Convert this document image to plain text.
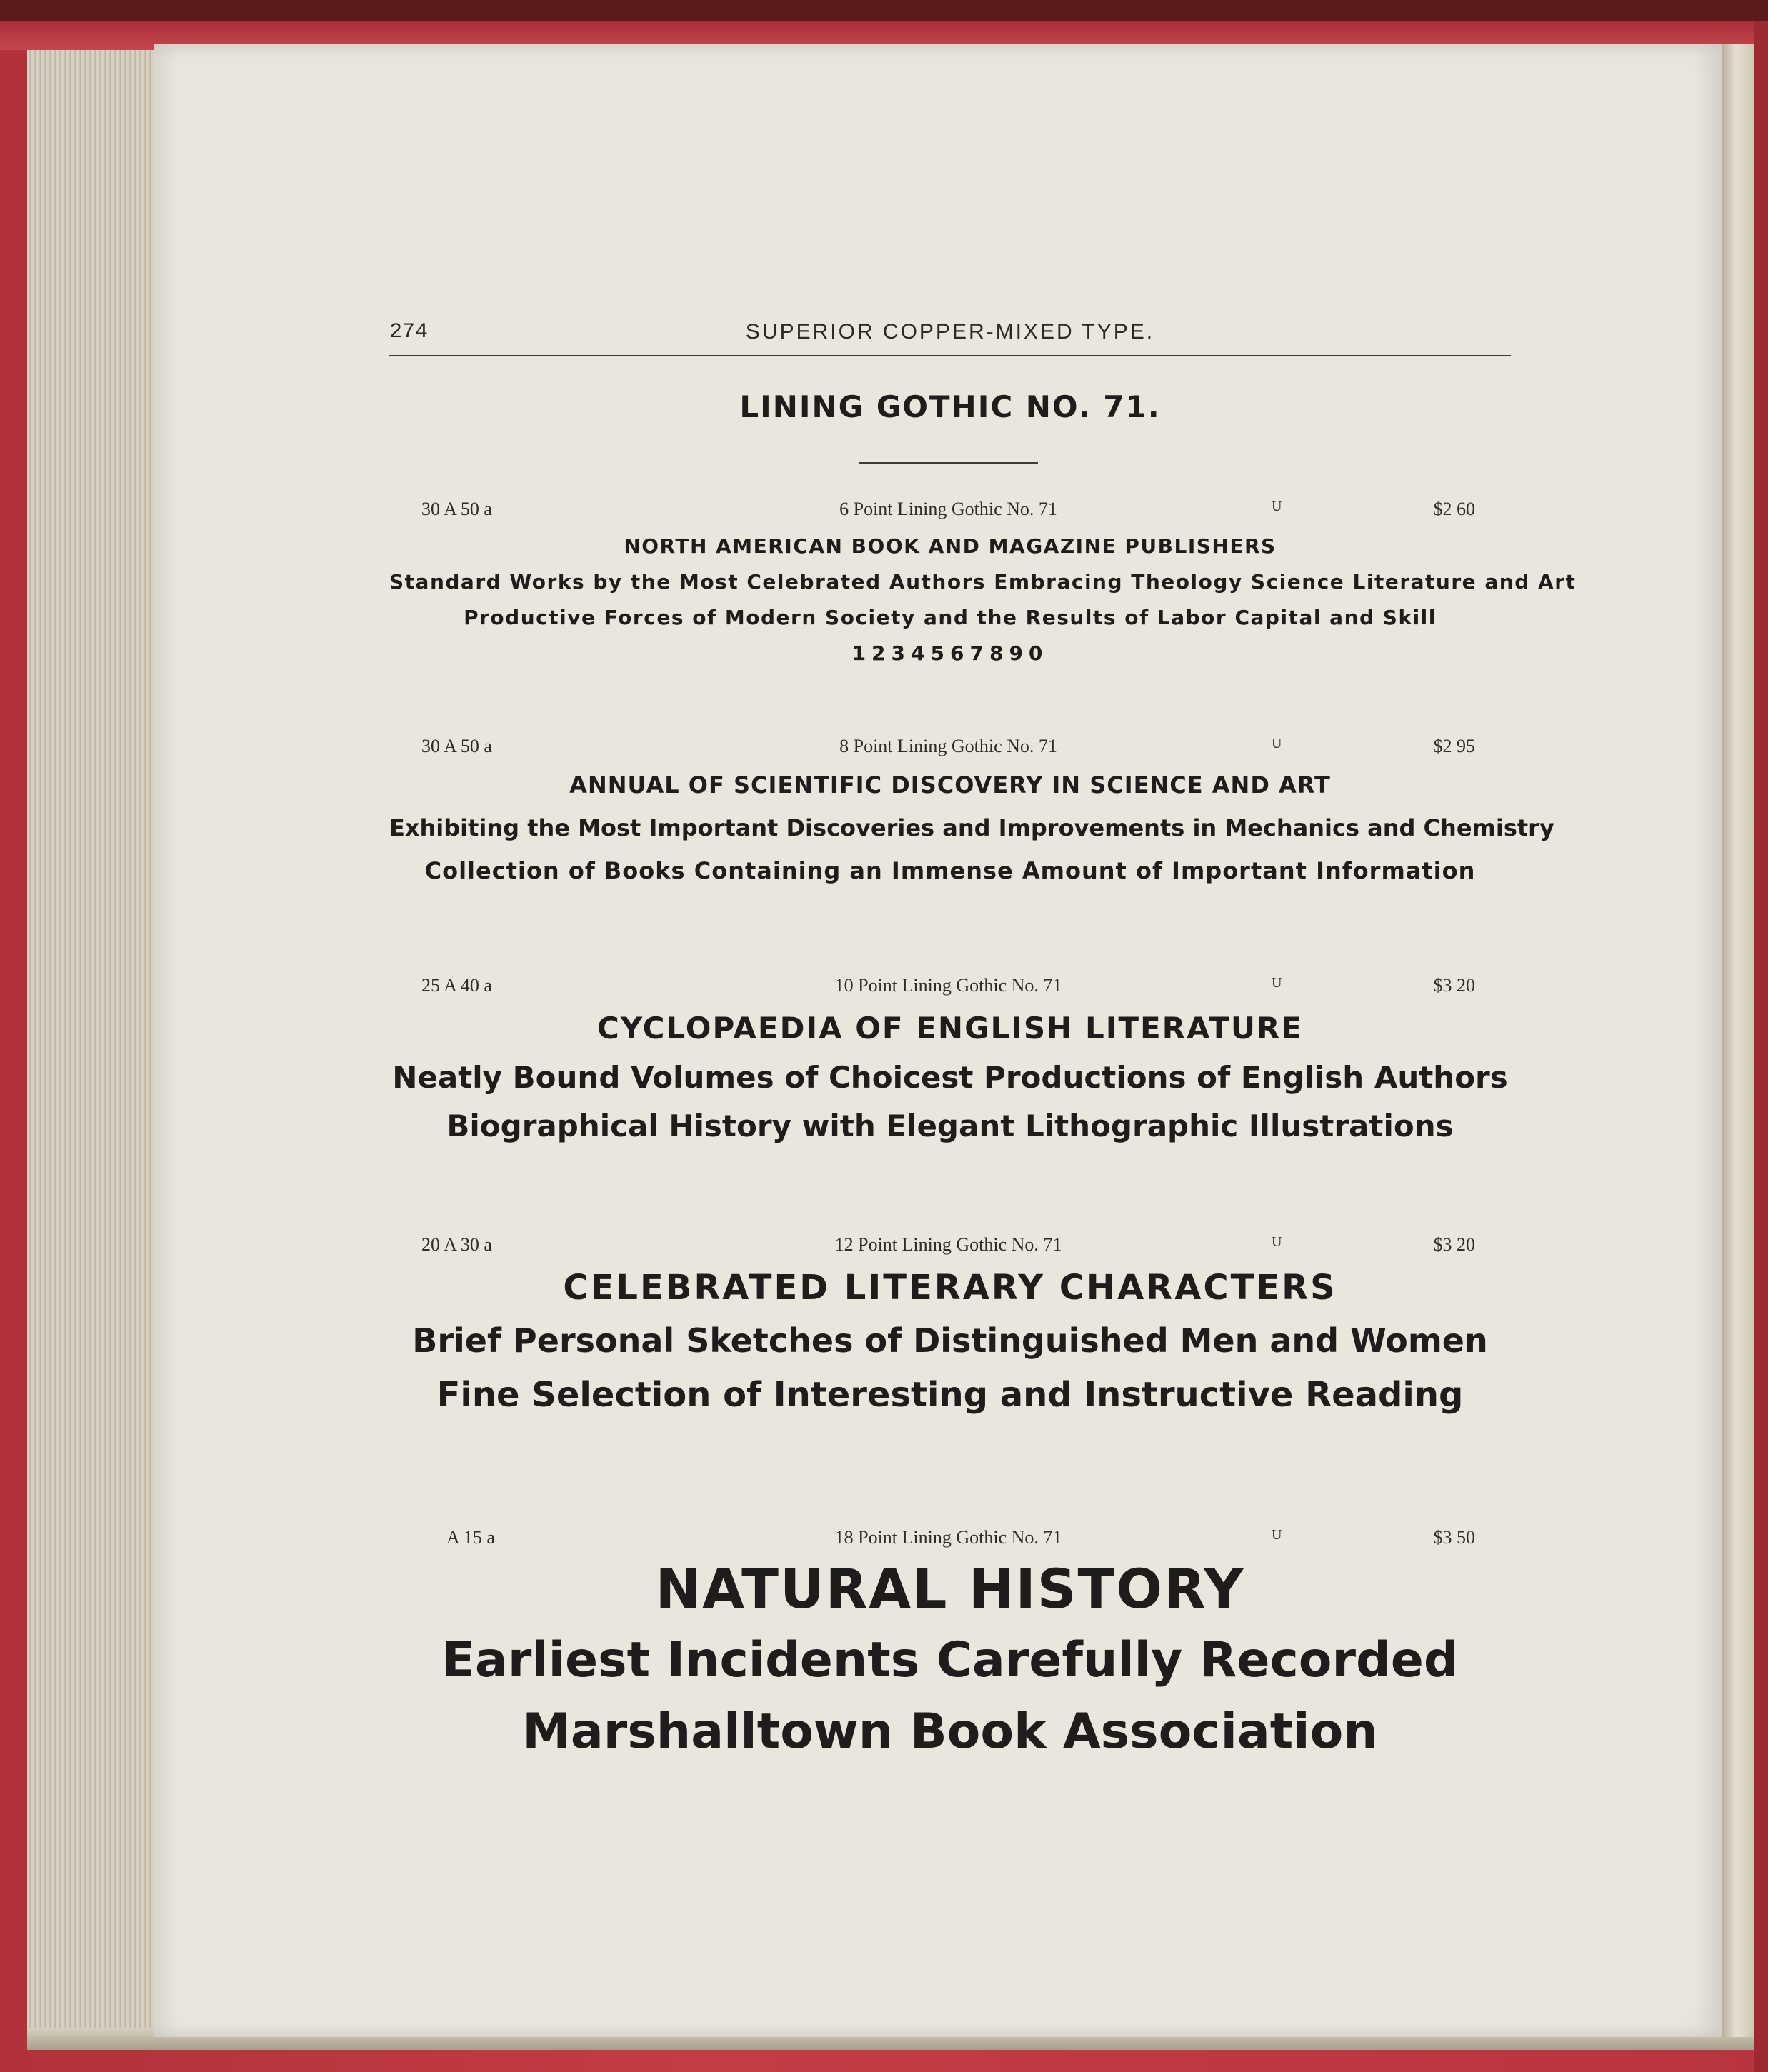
274	SUPERIOR COPPER-MIXED TYPE.
LINING GOTHIC NO. 71.
30 A 50 a	6 Point Lining Gothic No. 71	U	$2 60
NORTH AMERICAN BOOK AND MAGAZINE PUBLISHERS
Standard Works by the Most Celebrated Authors Embracing Theology Science Literature and Art
Productive Forces of Modern Society and the Results of Labor Capital and Skill
1234567890
30 A 50 a	8 Point Lining Gothic No. 71	U	$2 95
ANNUAL OF SCIENTIFIC DISCOVERY IN SCIENCE AND ART
Exhibiting the Most Important Discoveries and Improvements in Mechanics and Chemistry
Collection of Books Containing an Immense Amount of Important Information
25 A 40 a	10 Point Lining Gothic No. 71	U	$3 20
CYCLOPAEDIA OF ENGLISH LITERATURE
Neatly Bound Volumes of Choicest Productions of English Authors
Biographical History with Elegant Lithographic Illustrations
20 A 30 a	12 Point Lining Gothic No. 71	U	$3 20
CELEBRATED LITERARY CHARACTERS
Brief Personal Sketches of Distinguished Men and Women
Fine Selection of Interesting and Instructive Reading
A 15 a	18 Point Lining Gothic No. 71	U	$3 50
NATURAL HISTORY
Earliest Incidents Carefully Recorded
Marshalltown Book Association
